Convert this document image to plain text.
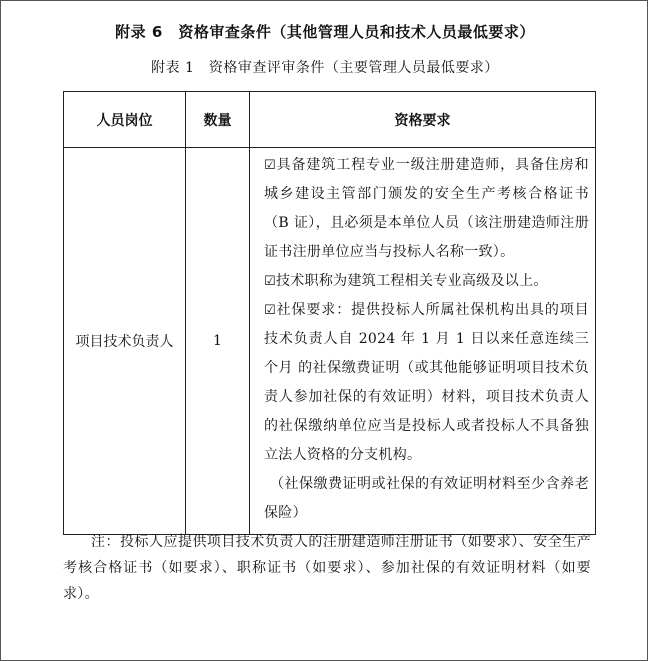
附录 6　资格审查条件（其他管理人员和技术人员最低要求）
附表 1　资格审查评审条件（主要管理人员最低要求）
人员岗位	数量	资格要求
项目技术负责人	1	☑具备建筑工程专业一级注册建造师，具备住房和城乡建设主管部门颁发的安全生产考核合格证书（B 证），且必须是本单位人员（该注册建造师注册证书注册单位应当与投标人名称一致）。
☑技术职称为建筑工程相关专业高级及以上。
☑社保要求：提供投标人所属社保机构出具的项目技术负责人自 2024 年 1 月 1 日以来任意连续三个月 的社保缴费证明（或其他能够证明项目技术负责人参加社保的有效证明）材料，项目技术负责人的社保缴纳单位应当是投标人或者投标人不具备独立法人资格的分支机构。
（社保缴费证明或社保的有效证明材料至少含养老保险）
注：投标人应提供项目技术负责人的注册建造师注册证书（如要求）、安全生产考核合格证书（如要求）、职称证书（如要求）、参加社保的有效证明材料（如要求）。
